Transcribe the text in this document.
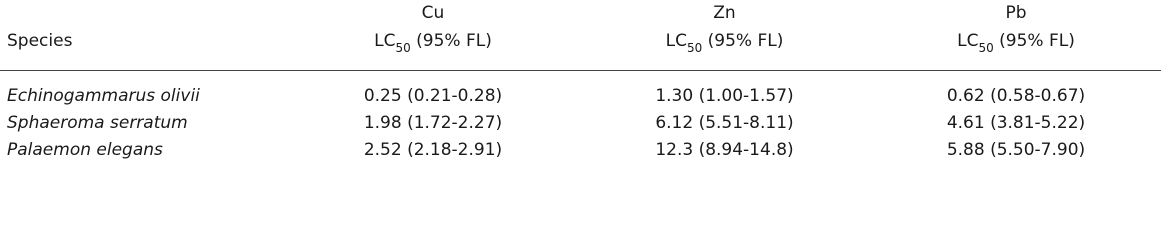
	Cu	Zn	Pb
Species	$LC_{50}$ (95% FL)	$LC_{50}$ (95% FL)	$LC_{50}$ (95% FL)
Echinogammarus olivii	0.25 (0.21-0.28)	1.30 (1.00-1.57)	0.62 (0.58-0.67)
Sphaeroma serratum	1.98 (1.72-2.27)	6.12 (5.51-8.11)	4.61 (3.81-5.22)
Palaemon elegans	2.52 (2.18-2.91)	12.3 (8.94-14.8)	5.88 (5.50-7.90)
